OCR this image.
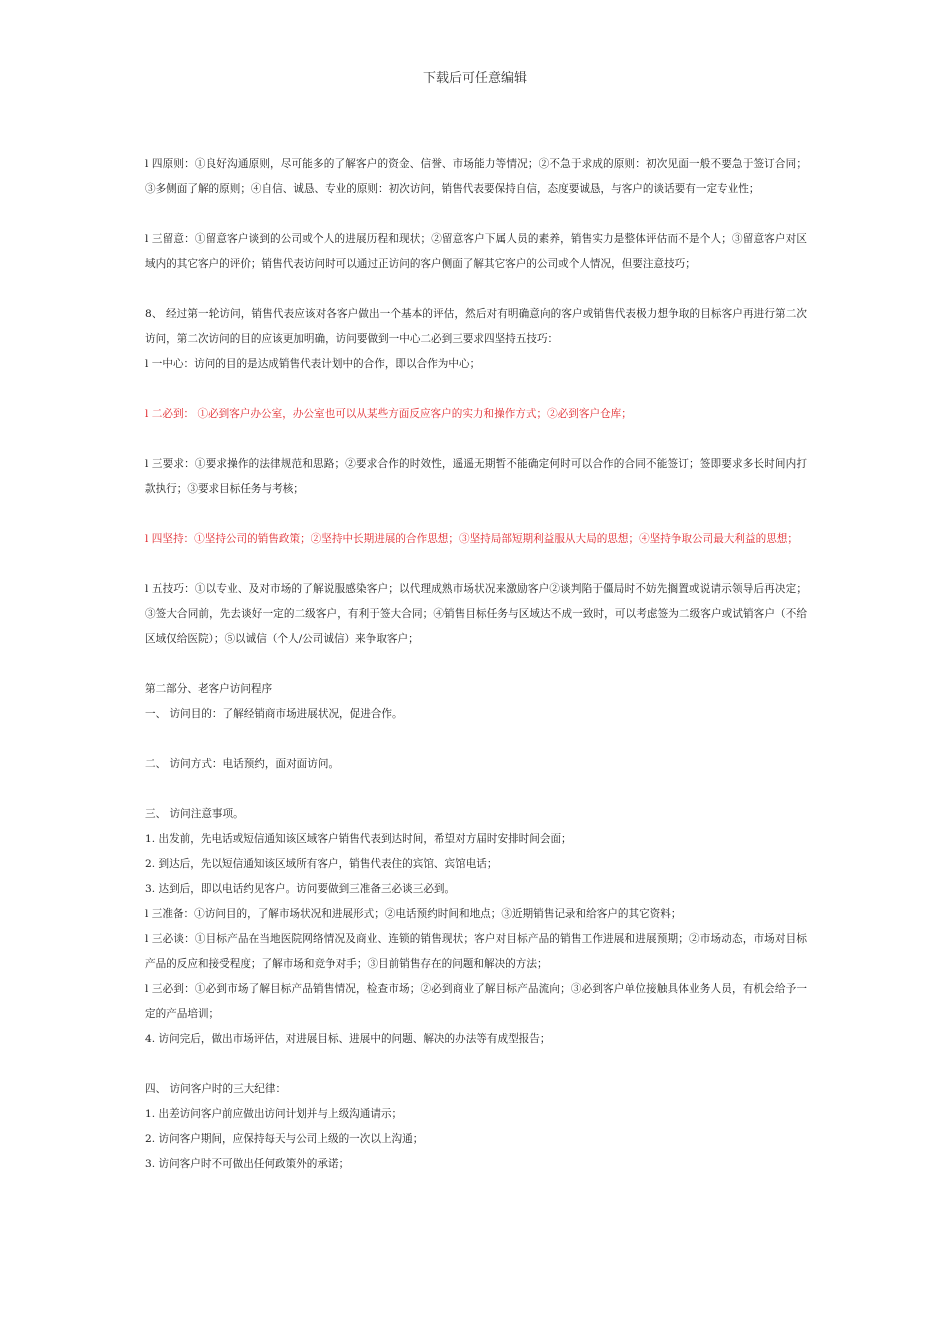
下载后可任意编辑

l 四原则：①良好沟通原则，尽可能多的了解客户的资金、信誉、市场能力等情况；②不急于求成的原则：初次见面一般不要急于签订合同；③多侧面了解的原则；④自信、诚恳、专业的原则：初次访问，销售代表要保持自信，态度要诚恳，与客户的谈话要有一定专业性；

l 三留意：①留意客户谈到的公司或个人的进展历程和现状；②留意客户下属人员的素养，销售实力是整体评估而不是个人；③留意客户对区域内的其它客户的评价；销售代表访问时可以通过正访问的客户侧面了解其它客户的公司或个人情况，但要注意技巧；

8、 经过第一轮访问，销售代表应该对各客户做出一个基本的评估，然后对有明确意向的客户或销售代表极力想争取的目标客户再进行第二次访问，第二次访问的目的应该更加明确，访问要做到一中心二必到三要求四坚持五技巧：

l 一中心：访问的目的是达成销售代表计划中的合作，即以合作为中心；

l 二必到： ①必到客户办公室，办公室也可以从某些方面反应客户的实力和操作方式；②必到客户仓库；

l 三要求：①要求操作的法律规范和思路；②要求合作的时效性，遥遥无期暂不能确定何时可以合作的合同不能签订；签即要求多长时间内打款执行；③要求目标任务与考核；

l 四坚持：①坚持公司的销售政策；②坚持中长期进展的合作思想；③坚持局部短期利益服从大局的思想；④坚持争取公司最大利益的思想；

l 五技巧：①以专业、及对市场的了解说服感染客户；以代理成熟市场状况来激励客户②谈判陷于僵局时不妨先搁置或说请示领导后再决定；③签大合同前，先去谈好一定的二级客户，有利于签大合同；④销售目标任务与区域达不成一致时，可以考虑签为二级客户或试销客户（不给区域仅给医院）；⑤以诚信（个人/公司诚信）来争取客户；

第二部分、老客户访问程序

一、 访问目的：了解经销商市场进展状况，促进合作。

二、 访问方式：电话预约，面对面访问。

三、 访问注意事项。

1. 出发前，先电话或短信通知该区域客户销售代表到达时间，希望对方届时安排时间会面；

2. 到达后，先以短信通知该区域所有客户，销售代表住的宾馆、宾馆电话；

3. 达到后，即以电话约见客户。访问要做到三准备三必谈三必到。

l 三准备：①访问目的，了解市场状况和进展形式；②电话预约时间和地点；③近期销售记录和给客户的其它资料；

l 三必谈：①目标产品在当地医院网络情况及商业、连锁的销售现状；客户对目标产品的销售工作进展和进展预期；②市场动态，市场对目标产品的反应和接受程度；了解市场和竞争对手；③目前销售存在的问题和解决的方法；

l 三必到：①必到市场了解目标产品销售情况，检查市场；②必到商业了解目标产品流向；③必到客户单位接触具体业务人员，有机会给予一定的产品培训；

4. 访问完后，做出市场评估，对进展目标、进展中的问题、解决的办法等有成型报告；

四、 访问客户时的三大纪律：

1. 出差访问客户前应做出访问计划并与上级沟通请示；

2. 访问客户期间，应保持每天与公司上级的一次以上沟通；

3. 访问客户时不可做出任何政策外的承诺；
